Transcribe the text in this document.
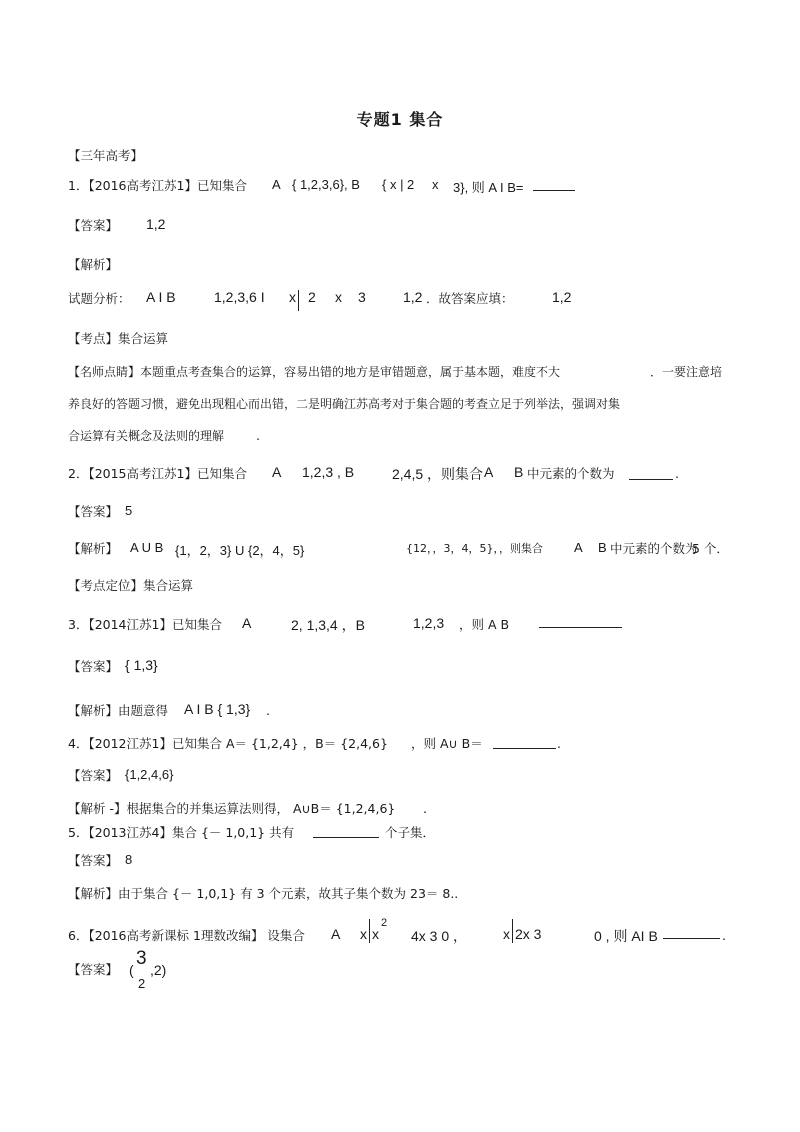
专题1 集合
【三年高考】
1．【2016高考江苏1】已知集合 A { 1,2,3,6}, B { x | 2 x 3}, 则 A I B=
【答案】 1,2
【解析】
试题分析： A I B	1,2,3,6 I x 2 x 3	1,2 ．故答案应填：	1,2
【考点】集合运算
【名师点睛】本题重点考查集合的运算，容易出错的地方是审错题意，属于基本题，难度不大	．一要注意培
养良好的答题习惯，避免出现粗心而出错，二是明确江苏高考对于集合题的考查立足于列举法，强调对集
合运算有关概念及法则的理解	.
2．【2015高考江苏1】已知集合 A 1,2,3 , B	2,4,5 ，则集合 A B 中元素的个数为	.
【答案】 5
【解析】 A U B {1，2，3} U {2，4，5}	{12，，3，4，5}，，则集合 A B 中元素的个数为
5 个．
【考点定位】集合运算
3．【2014江苏1】已知集合 A	2, 1,3,4 ，B	1,2,3 ，则 A B
【答案】 { 1,3}
【解析】由题意得 A I B { 1,3} .
4．【2012江苏1】已知集合 A＝ {1,2,4} ，B＝ {2,4,6} ，则 A∪ B＝	.
【答案】 {1,2,4,6}
【解析 -】根据集合的并集运算法则得， A∪B＝ {1,2,4,6} .
5．【2013江苏4】集合 {－ 1,0,1} 共有	个子集．
【答案】 8
【解析】由于集合 {－ 1,0,1} 有 3 个元素，故其子集个数为 23＝ 8..
6．【2016高考新课标 1理数改编】 设集合 A x x
2
4x 3 0 ，	x 2x 3	0 , 则 AI B	.
【答案】 (
3
2
,2)
